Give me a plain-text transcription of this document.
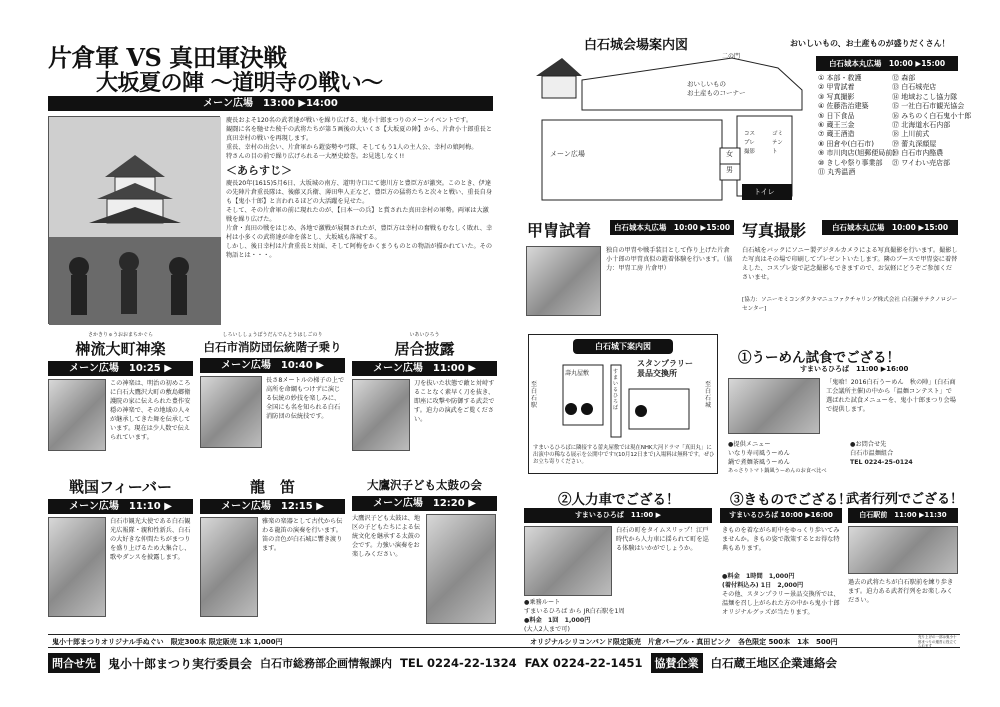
片倉軍 VS 真田軍決戦
大坂夏の陣 ～道明寺の戦い～
メーン広場　13:00 ▶14:00

慶長およそ120名の武者達が戦いを繰り広げる、鬼小十郎まつりのメーンイベントです。

観闘に名を馳せた稜千の武将たちが第５画後の大いくさ【大坂夏の陣】から、片倉小十郎重長と真田幸村の戦いを再現します。

重長、幸村の出会い、片倉軍から鎧姿勢や弓隊、そしてもう1人の主人公、幸村の娘阿梅。

特さんの目の前で繰り広げられる一大歴史絵巻。お見逃しなく!!

＜あらすじ＞

慶長20年(1615)5月6日、大坂城の南方、道明寺口にて徳川方と豊臣方が激突。このとき、伊達の先陣片倉重長隊は、後藤又兵衛、薄田隼人正など、豊臣方の猛将たちと次々と戦い、重長自身も【鬼小十郎】と言われるほどの大活躍を見せた。

そして、その片倉軍の前に現れたのが、【日本一の兵】と賞された真田幸村の軍勢。両軍は大激戦を繰り広げた。

片倉・真田の戦をはじめ、各地で激戦が展開されたが、豊臣方は幸村の奮戦もむなしく敗れ、幸村は小多くの武将達が命を落とし、大坂城も落城する。

しかし、後日幸村は片倉重長と対面、そして阿梅をかくまうものとの物語が描かれていた。その物語とは・・・。

さかきりゅうおおまちかぐら
榊流大町神楽
メーン広場　10:25 ▶
この神楽は、明治の初めころに白石大鷹沢大町の敷島郷衛護院の家に伝えられた豊作安穏の神楽で、その地域の人々が継承してきた舞を伝承しています。現在は少人数で伝えられています。
しろいししょうぼうだんでんとうはしごのり
白石市消防団伝統階子乗り
メーン広場　10:40 ▶
長さ8メートルの梯子の上で高所を命綱もつけずに演じる伝統の妙技を楽しみに、全国にも名を知られる白石消防団の伝統技です。
いあいひろう
居合披露
メーン広場　11:00 ▶
刀を抜いた状態で敵と対峙することなく素早く刀を抜き、即座に攻撃や防御する武芸です。迫力の演武をご覧ください。
戦国フィーバー
メーン広場　11:10 ▶
白石市観光大使である白石観光広報隊・親和性新兵、白石の大好きな仲間たちがまつりを盛り上げるため大集合し、歌やダンスを披露します。
龍　笛
メーン広場　12:15 ▶
雅楽の楽器として古代から伝わる龍笛の演奏を行います。笛の音色が白石城に響き渡ります。
大鷹沢子ども太鼓の会
メーン広場　12:20 ▶
大鷹沢子ども太鼓は、地区の子どもたちによる伝統文化を継承する太鼓の会です。力強い演奏をお楽しみください。
白石城会場案内図
二の門
おいしいもの
お土産ものコーナー
メーン広場	女
男
トイレ
コスプレ撮影
ゴミテント
おいしいもの、お土産ものが盛りだくさん！
白石城本丸広場　10:00 ▶15:00
① 本部・救護
② 甲冑試着
③ 写真撮影
④ 佐藤浩治建築
⑤ 日下食品
⑥ 蔵王三金
⑦ 蔵王酒造
⑧ 田倉や(白石市)
⑨ 市川肉店(旭郵便局前)
⑩ きしや祭り事業部
⑪ 丸秀温酒
⑫ 森部
⑬ 白石城売店
⑭ 地域おこし協力隊
⑮ 一社白石市観光協会
⑯ みちのく白石鬼小十郎
⑰ 北海道水石内部
⑱ 上川前式
⑲ 蕾丸深顔屋
⑳ 白石市内酪農
㉑ ワイわい売店部
甲冑試着	白石城本丸広場　10:00 ▶15:00
独自の甲冑や戦手装目として作り上げた片倉小十郎の甲冑真似の鎧着体験を行います。（協力：甲冑工房 片倉甲）
写真撮影	白石城本丸広場　10:00 ▶15:00
白石城をバックにソニー製デジタルカメラによる写真撮影を行います。撮影した写真はその場で印刷してプレゼントいたします。隣のブースで甲冑姿に着替えした、コスプレ姿で記念撮影もできますので、お気軽にどうぞご参加くださいませ。
[協力：ソニーモミコンダクタマニュファクチャリング株式会社 白石鐘サテクノロジーセンター]
白石城下案内図
壽丸屋敷
スタンプラリー
景品交換所
至白石駅
至白石城
すまいるひろば
すまいるひろばに隣接する蕾丸屋敷では現在NHK大河ドラマ「真田丸」に出演中の稀なる展示を公開中です!(10月12日まで)入場料は無料です。ぜひお立ち寄りください。
①うーめん試食でござる！
すまいるひろば　11:00 ▶16:00
「鬼喰！2016白石うーめん　秋の陣」(白石商工会議所主催)の中から「温麺コンテスト」で選ばれた試食メニューを、鬼小十郎まつり会場で提供します。

●提供メニュー

いなり寿司風うーめん

鍋で煮麺茶風うーめん

あっさりトマト鍋風うーめんのお食べ比べ

●お問合せ先

白石市温麺組合

TEL 0224-25-0124

②人力車でござる！
すまいるひろば　11:00 ▶
白石の町をタイムスリップ！江戸時代から人力車に揺られて町を巡る体験はいかがでしょうか。

●乗務ルート

すまいるひろば から JR白石駅を1周

●料金　1回　1,000円

(大人2人まで可)

③きものでござる！
すまいるひろば 10:00 ▶16:00
きものを着ながら町中をゆっくり歩いてみませんか。きもの姿で散策するとお得な特典もあります。

●料金　1時間　1,000円

(着付料込み) 1日　2,000円

その他、スタンプラリー景品交換所では、温麺を召し上がられた方の中から鬼小十郎オリジナルグッズが当たります。

武者行列でござる！
白石駅前　11:00 ▶11:30
過去の武将たちが白石駅前を練り歩きます。迫力ある武者行列をお楽しみください。
鬼小十郎まつりオリジナル手ぬぐい　限定300本 限定販売 1本 1,000円	オリジナルシリコンバンド限定販売　片倉パープル・真田ピンク　各色限定 500本　1本　500円
売り上げの一部は鬼小十郎まつりの運営に役立てられます
問合せ先	鬼小十郎まつり実行委員会 白石市総務部企画情報課内 TEL 0224-22-1324 FAX 0224-22-1451	協賛企業	白石蔵王地区企業連絡会
